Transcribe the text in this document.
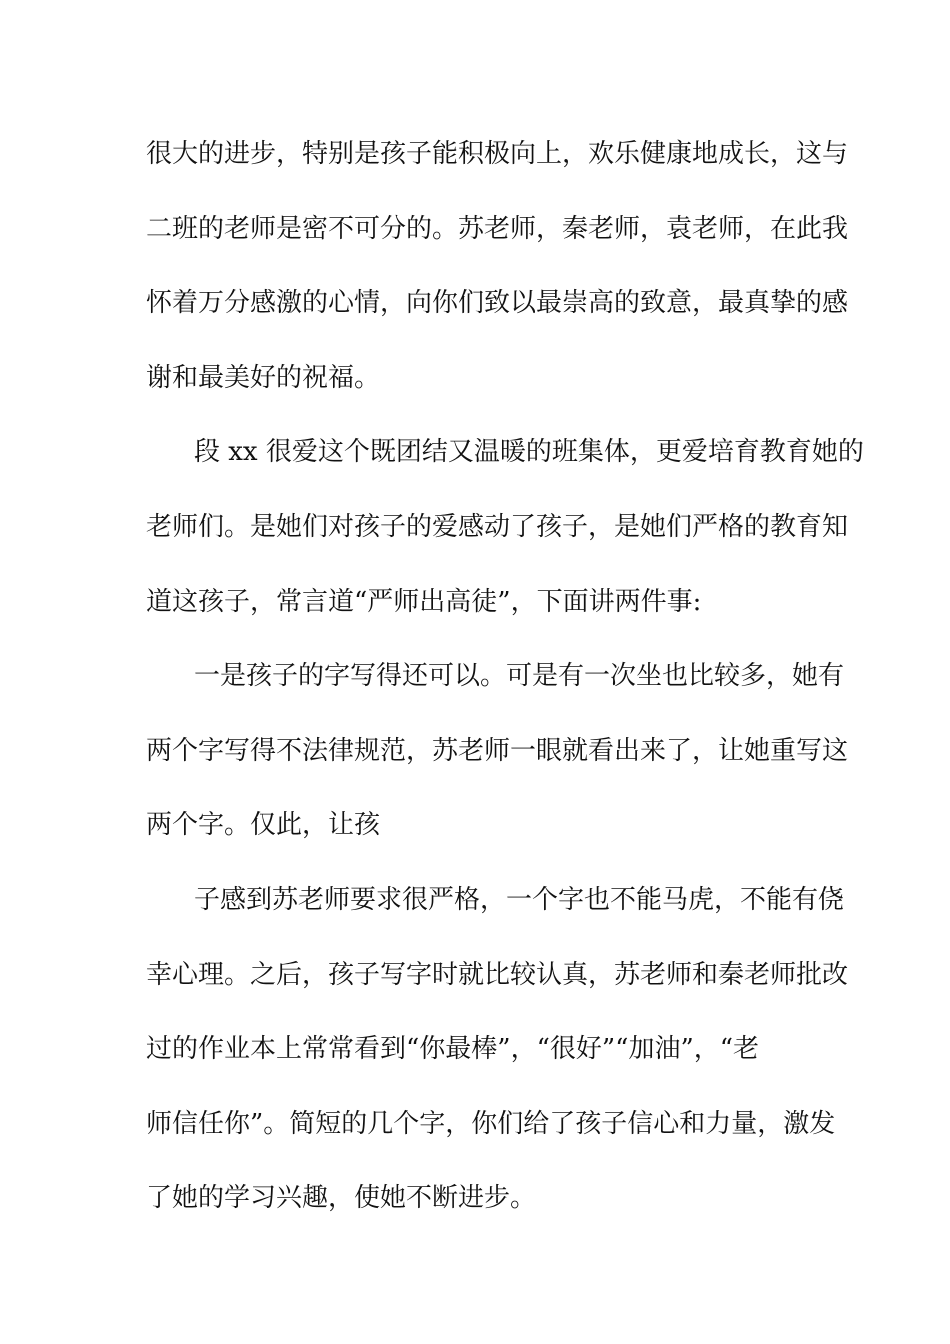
很大的进步，特别是孩子能积极向上，欢乐健康地成长，这与

二班的老师是密不可分的。苏老师，秦老师，袁老师，在此我

怀着万分感激的心情，向你们致以最崇高的致意，最真挚的感

谢和最美好的祝福。

段 xx 很爱这个既团结又温暖的班集体，更爱培育教育她的

老师们。是她们对孩子的爱感动了孩子，是她们严格的教育知

道这孩子，常言道“严师出高徒”，下面讲两件事:

一是孩子的字写得还可以。可是有一次坐也比较多，她有

两个字写得不法律规范，苏老师一眼就看出来了，让她重写这

两个字。仅此，让孩

子感到苏老师要求很严格，一个字也不能马虎，不能有侥

幸心理。之后，孩子写字时就比较认真，苏老师和秦老师批改

过的作业本上常常看到“你最棒”，“很好”“加油”，“老

师信任你”。简短的几个字，你们给了孩子信心和力量，激发

了她的学习兴趣，使她不断进步。
